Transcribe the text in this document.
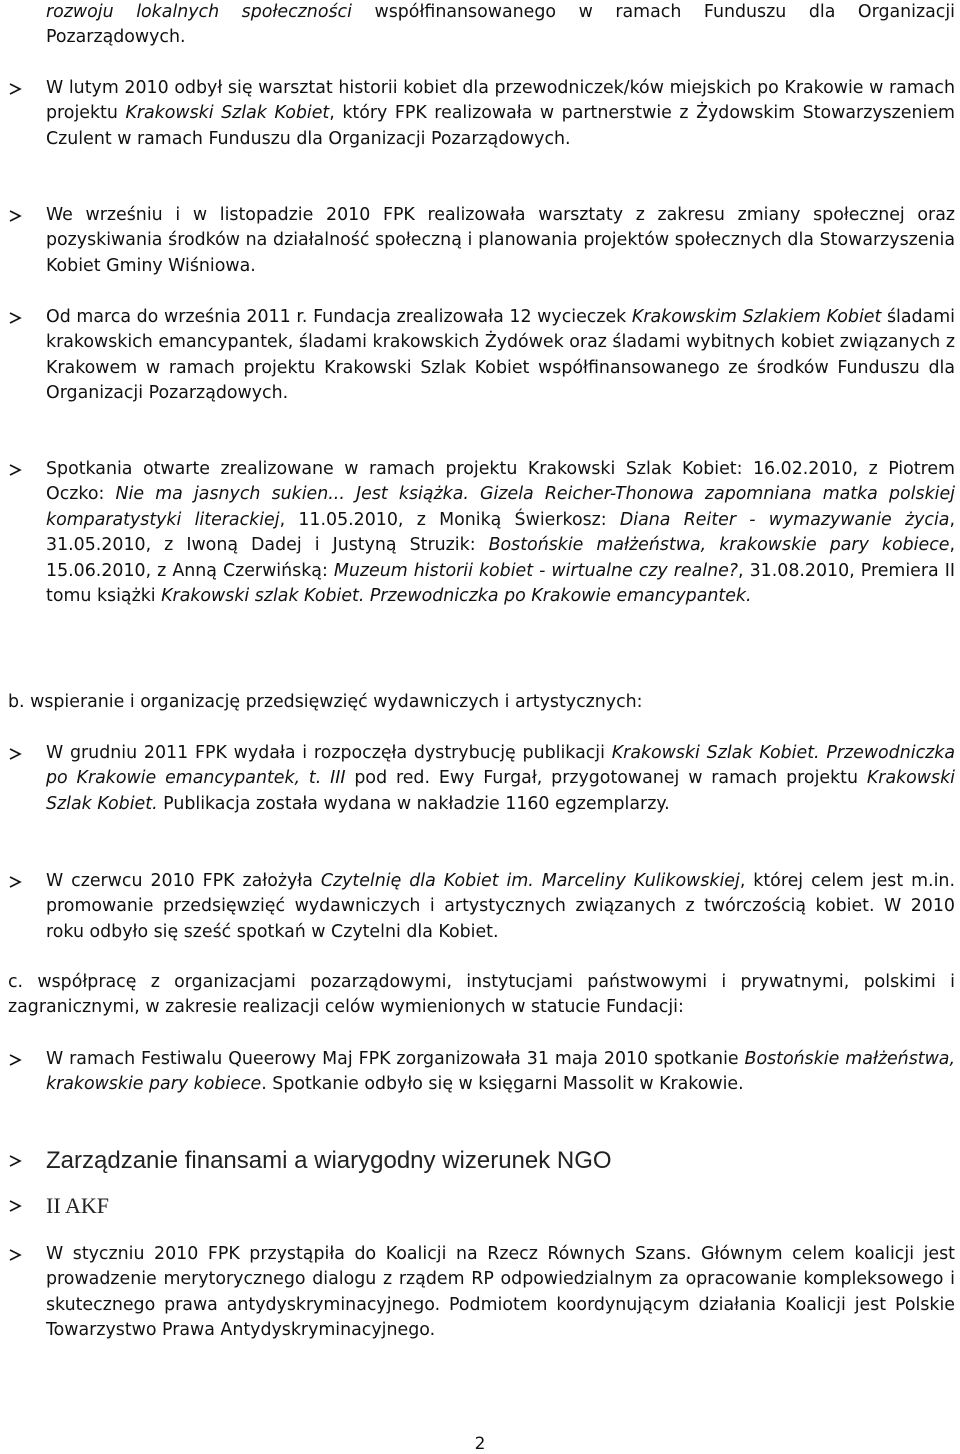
rozwoju lokalnych społeczności współfinansowanego w ramach Funduszu dla Organizacji Pozarządowych.
W lutym 2010 odbył się warsztat historii kobiet dla przewodniczek/ków miejskich po Krakowie w ramach projektu Krakowski Szlak Kobiet, który FPK realizowała w partnerstwie z Żydowskim Stowarzyszeniem Czulent w ramach Funduszu dla Organizacji Pozarządowych.
We wrześniu i w listopadzie 2010 FPK realizowała warsztaty z zakresu zmiany społecznej oraz pozyskiwania środków na działalność społeczną i planowania projektów społecznych dla Stowarzyszenia Kobiet Gminy Wiśniowa.
Od marca do września 2011 r. Fundacja zrealizowała 12 wycieczek Krakowskim Szlakiem Kobiet śladami krakowskich emancypantek, śladami krakowskich Żydówek oraz śladami wybitnych kobiet związanych z Krakowem w ramach projektu Krakowski Szlak Kobiet współfinansowanego ze środków Funduszu dla Organizacji Pozarządowych.
Spotkania otwarte zrealizowane w ramach projektu Krakowski Szlak Kobiet: 16.02.2010, z Piotrem Oczko: Nie ma jasnych sukien... Jest książka. Gizela Reicher-Thonowa zapomniana matka polskiej komparatystyki literackiej, 11.05.2010, z Moniką Świerkosz: Diana Reiter - wymazywanie życia, 31.05.2010, z Iwoną Dadej i Justyną Struzik: Bostońskie małżeństwa, krakowskie pary kobiece, 15.06.2010, z Anną Czerwińską: Muzeum historii kobiet - wirtualne czy realne?, 31.08.2010, Premiera II tomu książki Krakowski szlak Kobiet. Przewodniczka po Krakowie emancypantek.
b. wspieranie i organizację przedsięwzięć wydawniczych i artystycznych:
W grudniu 2011 FPK wydała i rozpoczęła dystrybucję publikacji Krakowski Szlak Kobiet. Przewodniczka po Krakowie emancypantek, t. III pod red. Ewy Furgał, przygotowanej w ramach projektu Krakowski Szlak Kobiet. Publikacja została wydana w nakładzie 1160 egzemplarzy.
W czerwcu 2010 FPK założyła Czytelnię dla Kobiet im. Marceliny Kulikowskiej, której celem jest m.in. promowanie przedsięwzięć wydawniczych i artystycznych związanych z twórczością kobiet. W 2010 roku odbyło się sześć spotkań w Czytelni dla Kobiet.
c. współpracę z organizacjami pozarządowymi, instytucjami państwowymi i prywatnymi, polskimi i zagranicznymi, w zakresie realizacji celów wymienionych w statucie Fundacji:
W ramach Festiwalu Queerowy Maj FPK zorganizowała 31 maja 2010 spotkanie Bostońskie małżeństwa, krakowskie pary kobiece. Spotkanie odbyło się w księgarni Massolit w Krakowie.
Zarządzanie finansami a wiarygodny wizerunek NGO
II AKF
W styczniu 2010 FPK przystąpiła do Koalicji na Rzecz Równych Szans. Głównym celem koalicji jest prowadzenie merytorycznego dialogu z rządem RP odpowiedzialnym za opracowanie kompleksowego i skutecznego prawa antydyskryminacyjnego. Podmiotem koordynującym działania Koalicji jest Polskie Towarzystwo Prawa Antydyskryminacyjnego.
2
